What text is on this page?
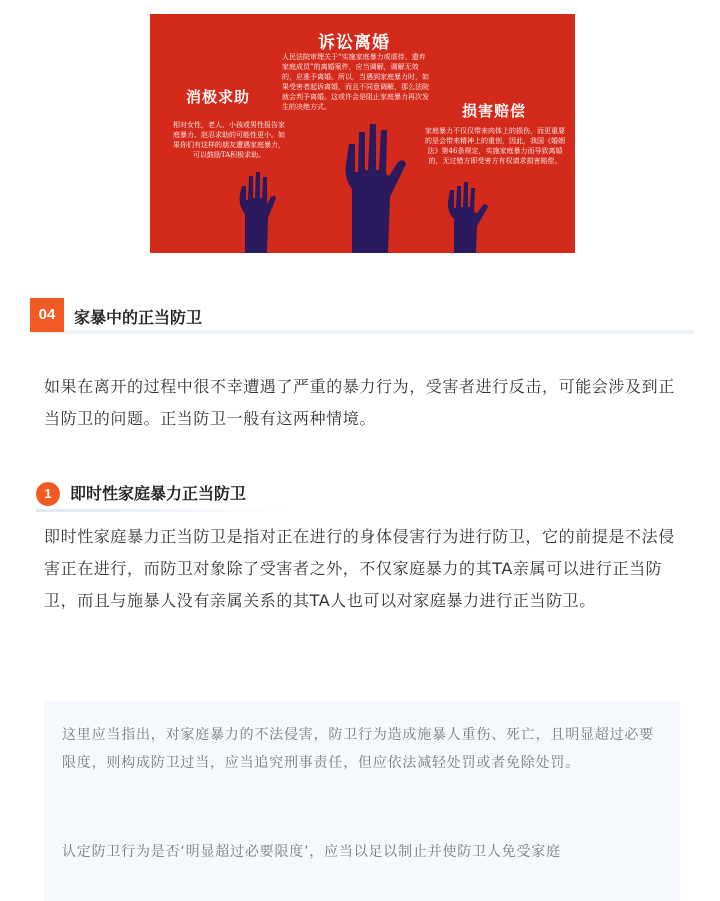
诉讼离婚
人民法院审理关于“实施家庭暴力或虐待、遗弃家庭成员”的离婚案件，应当调解，调解无效的，应准予离婚。所以，当遇到家庭暴力时，如果受害者起诉离婚，而且不同意调解，那么法院就会判予离婚。这或许会是阻止家庭暴力再次发生的决绝方式。
消极求助
相对女性，老人、小孩或男性报告家庭暴力、赵忍求助的可能性更小。如果你们有这样的朋友遭遇家庭暴力，可以鼓励TA积极求助。
损害赔偿
家庭暴力不仅仅带来肉体上的损伤，而更重要的是会带来精神上的重创，因此，我国《婚姻法》第46条规定，实施家庭暴力而导致离婚的，无过错方即受害方有权请求损害赔偿。
04	家暴中的正当防卫

如果在离开的过程中很不幸遭遇了严重的暴力行为，受害者进行反击，可能会涉及到正当防卫的问题。正当防卫一般有这两种情境。

1	即时性家庭暴力正当防卫

即时性家庭暴力正当防卫是指对正在进行的身体侵害行为进行防卫，它的前提是不法侵害正在进行，而防卫对象除了受害者之外，不仅家庭暴力的其TA亲属可以进行正当防卫，而且与施暴人没有亲属关系的其TA人也可以对家庭暴力进行正当防卫。

这里应当指出，对家庭暴力的不法侵害，防卫行为造成施暴人重伤、死亡，且明显超过必要限度，则构成防卫过当，应当追究刑事责任，但应依法减轻处罚或者免除处罚。

认定防卫行为是否‘明显超过必要限度’，应当以足以制止并使防卫人免受家庭
